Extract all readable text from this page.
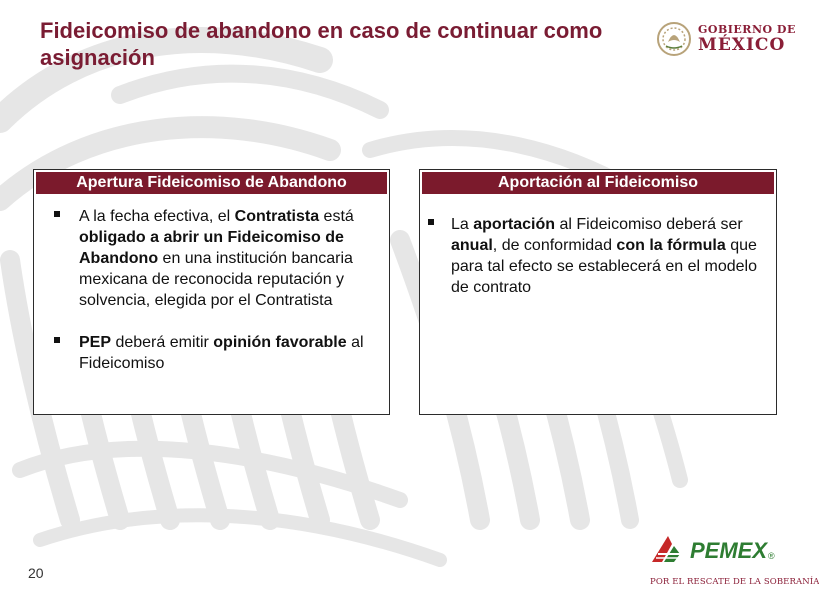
Fideicomiso de abandono en caso de continuar como asignación
GOBIERNO DE
MÉXICO
Apertura Fideicomiso de Abandono
A la fecha efectiva, el Contratista está obligado a abrir un Fideicomiso de Abandono en una institución bancaria mexicana de reconocida reputación y solvencia, elegida por el Contratista
PEP deberá emitir opinión favorable al Fideicomiso
Aportación al Fideicomiso
La aportación al Fideicomiso deberá ser anual, de conformidad con la fórmula que para tal efecto se establecerá en el modelo de contrato
20
PEMEX ®
POR EL RESCATE DE LA SOBERANÍA
